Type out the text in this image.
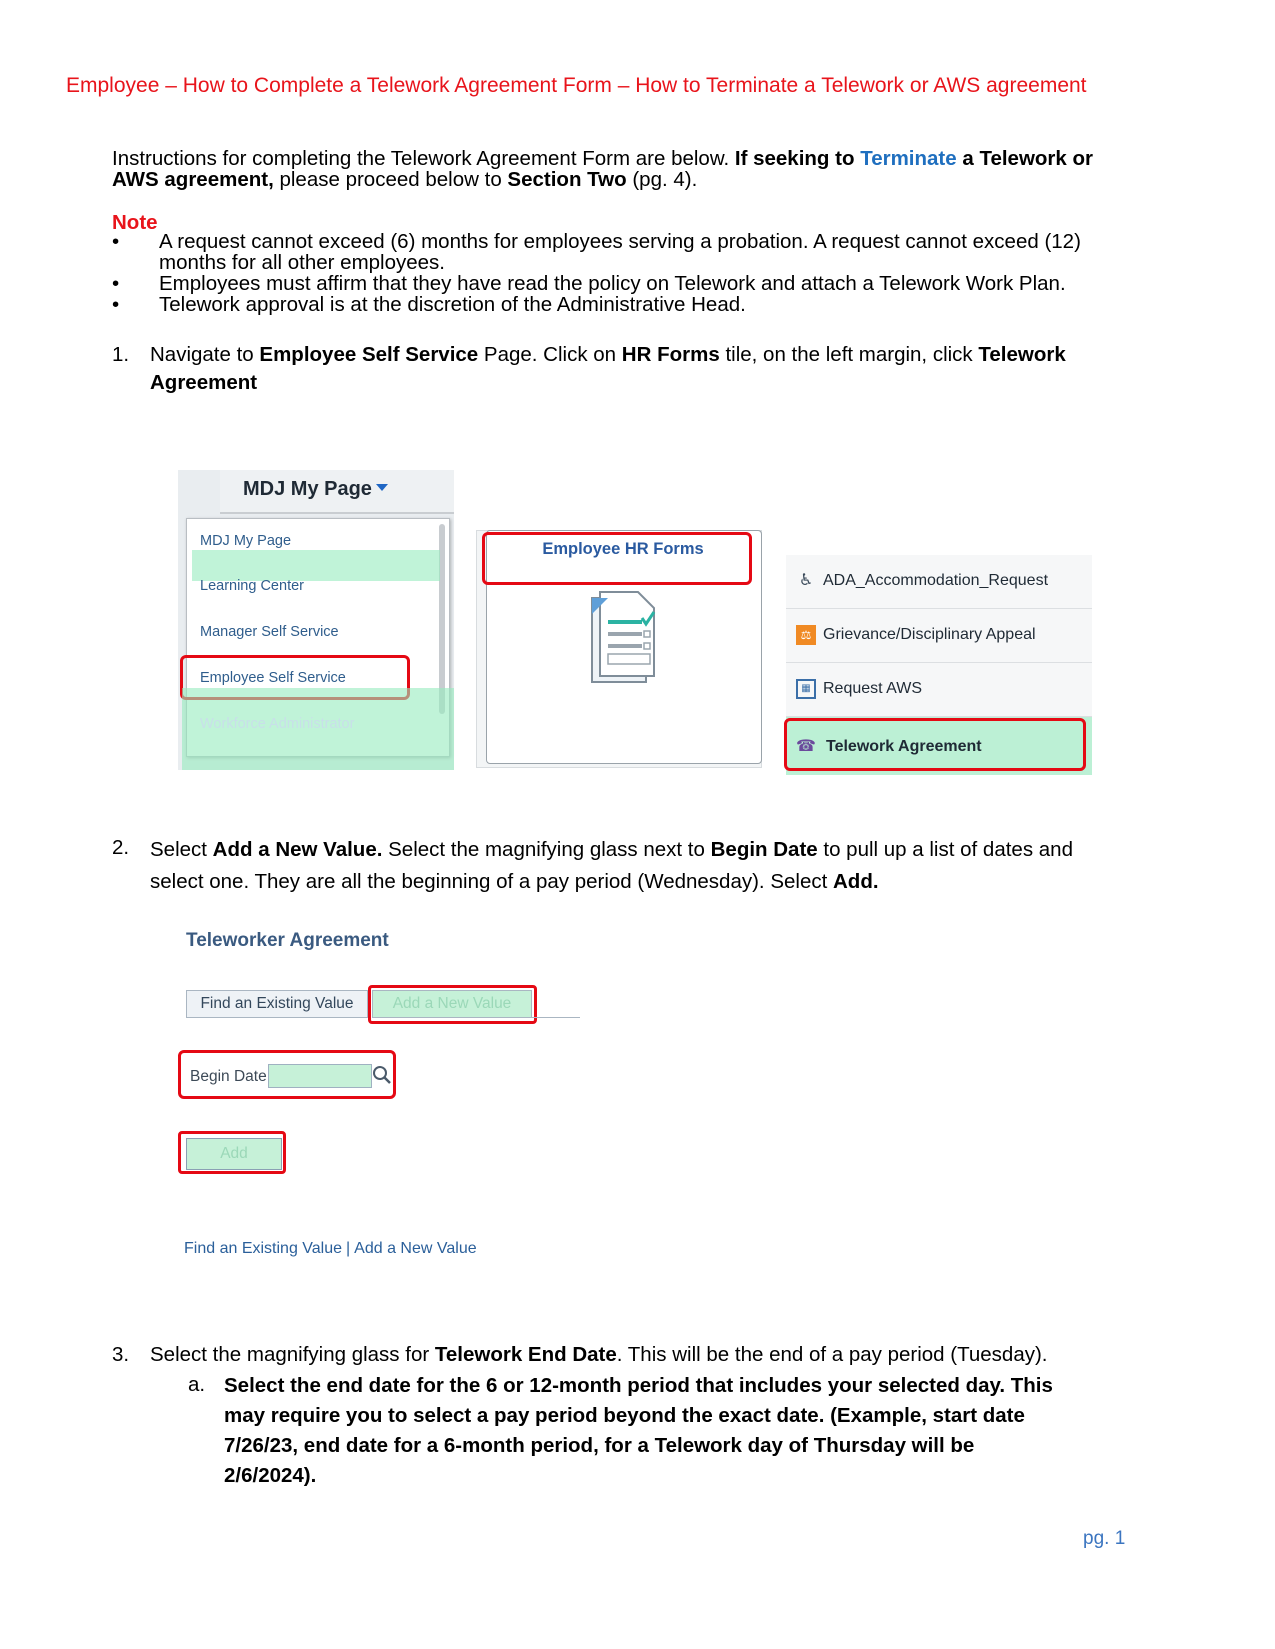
Employee – How to Complete a Telework Agreement Form – How to Terminate a Telework or AWS agreement
Instructions for completing the Telework Agreement Form are below. If seeking to Terminate a Telework or AWS agreement, please proceed below to Section Two (pg. 4).
Note
• A request cannot exceed (6) months for employees serving a probation. A request cannot exceed (12) months for all other employees.
• Employees must affirm that they have read the policy on Telework and attach a Telework Work Plan.
• Telework approval is at the discretion of the Administrative Head.
1. Navigate to Employee Self Service Page. Click on HR Forms tile, on the left margin, click Telework Agreement
MDJ My Page
MDJ My Page
Learning Center
Manager Self Service
Employee Self Service
Workforce Administrator
Employee HR Forms
♿ ADA_Accommodation_Request
⚖ Grievance/Disciplinary Appeal
▦ Request AWS
☎ Telework Agreement
2. Select Add a New Value. Select the magnifying glass next to Begin Date to pull up a list of dates and select one. They are all the beginning of a pay period (Wednesday). Select Add.
Teleworker Agreement
Find an Existing Value	Add a New Value
Begin Date
Add
Find an Existing Value | Add a New Value
3. Select the magnifying glass for Telework End Date. This will be the end of a pay period (Tuesday).
a. Select the end date for the 6 or 12-month period that includes your selected day. This may require you to select a pay period beyond the exact date. (Example, start date 7/26/23, end date for a 6-month period, for a Telework day of Thursday will be 2/6/2024).
pg. 1
